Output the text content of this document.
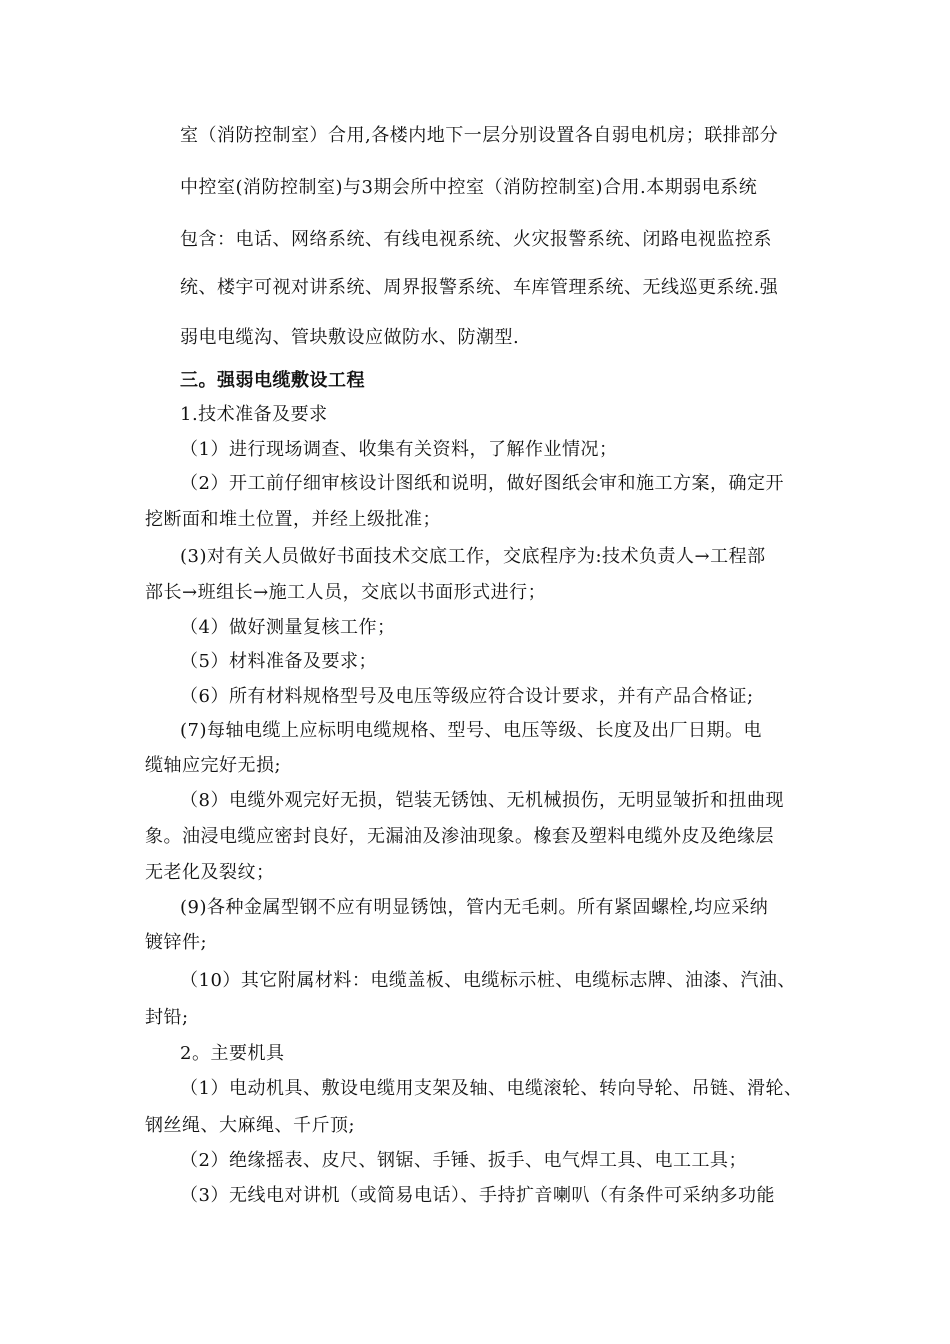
室（消防控制室）合用,各楼内地下一层分别设置各自弱电机房；联排部分
中控室(消防控制室)与3期会所中控室（消防控制室)合用.本期弱电系统
包含：电话、网络系统、有线电视系统、火灾报警系统、闭路电视监控系
统、楼宇可视对讲系统、周界报警系统、车库管理系统、无线巡更系统.强
弱电电缆沟、管块敷设应做防水、防潮型.
三。强弱电缆敷设工程
1.技术准备及要求
（1）进行现场调查、收集有关资料，了解作业情况；
（2）开工前仔细审核设计图纸和说明，做好图纸会审和施工方案，确定开
挖断面和堆土位置，并经上级批准；
(3)对有关人员做好书面技术交底工作，交底程序为:技术负责人→工程部
部长→班组长→施工人员，交底以书面形式进行；
（4）做好测量复核工作；
（5）材料准备及要求；
（6）所有材料规格型号及电压等级应符合设计要求，并有产品合格证;
(7)每轴电缆上应标明电缆规格、型号、电压等级、长度及出厂日期。电
缆轴应完好无损;
（8）电缆外观完好无损，铠装无锈蚀、无机械损伤，无明显皱折和扭曲现
象。油浸电缆应密封良好，无漏油及渗油现象。橡套及塑料电缆外皮及绝缘层
无老化及裂纹；
(9)各种金属型钢不应有明显锈蚀，管内无毛刺。所有紧固螺栓,均应采纳
镀锌件;
（10）其它附属材料：电缆盖板、电缆标示桩、电缆标志牌、油漆、汽油、
封铅;
2。主要机具
（1）电动机具、敷设电缆用支架及轴、电缆滚轮、转向导轮、吊链、滑轮、
钢丝绳、大麻绳、千斤顶;
（2）绝缘摇表、皮尺、钢锯、手锤、扳手、电气焊工具、电工工具；
（3）无线电对讲机（或简易电话）、手持扩音喇叭（有条件可采纳多功能
